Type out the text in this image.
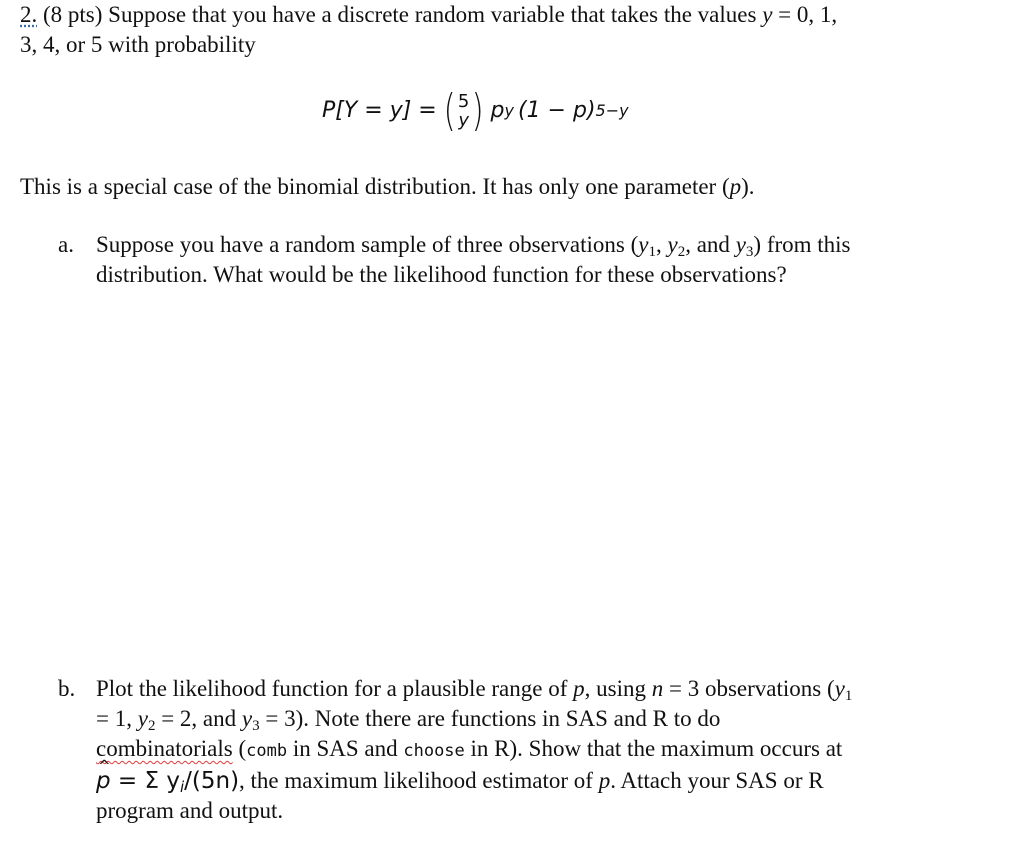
2. (8 pts) Suppose that you have a discrete random variable that takes the values y = 0, 1,
3, 4, or 5 with probability
P[Y = y] = ( 5
y ) p y (1 − p) 5−y
This is a special case of the binomial distribution. It has only one parameter (p).
a. Suppose you have a random sample of three observations ($y_1$, $y_2$, and $y_3$) from this
distribution. What would be the likelihood function for these observations?
b. Plot the likelihood function for a plausible range of p, using n = 3 observations ($y_1$
= 1, $y_2 = 2$, and $y_3 = 3$). Note there are functions in SAS and R to do
combinatorials (comb in SAS and choose in R). Show that the maximum occurs at
p ^ = Σ $y_i/(5n)$, the maximum likelihood estimator of p. Attach your SAS or R
program and output.
